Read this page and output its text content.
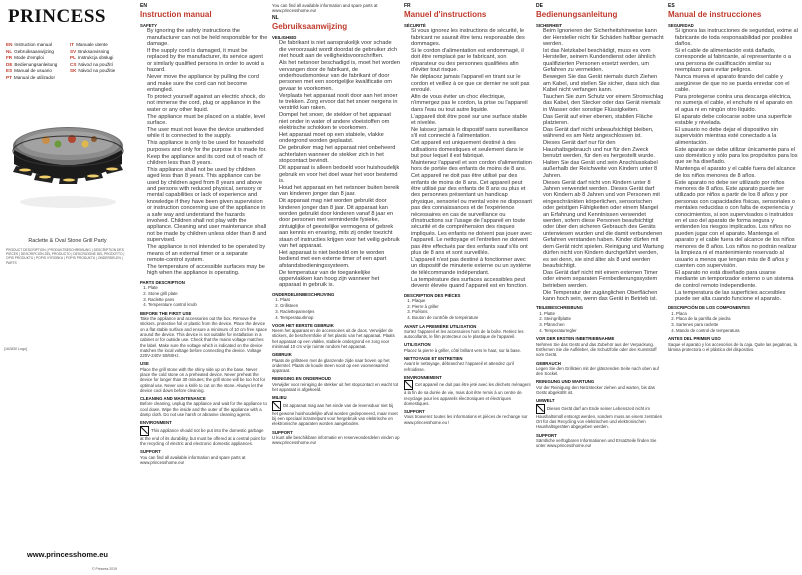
PRINCESS
EN Instruction manual	IT Manuale utente
NL Gebruiksaanwijzing	SV Bruksanvisning
FR Mode d'emploi	PL Instrukcja obsługi
DE Bedienungsanleitung	CS Návod na použití
ES Manual de usuario	SK Návod na použitie
PT Manual de utilizador
Raclette & Oval Stone Grill Party
PRODUCT DESCRIPTION | PRODUKTBESCHREIBUNG | DESCRIPTION DES PIÈCES | DESCRIPCIÓN DEL PRODUCTO | DESCRIZIONE DEL PRODOTTO | OPIS PRODUKTU | POPIS VÝROBKU | POPIS PRODUKTU | ONDERDELEN | PARTS
[162830 Logo]
www.princesshome.eu
© Princess 2019
EN
Instruction manual
SAFETY
• By ignoring the safety instructions the manufacturer can not be held responsible for the damage.
• If the supply cord is damaged, it must be replaced by the manufacturer, its service agent or similarly qualified persons in order to avoid a hazard.
• Never move the appliance by pulling the cord and make sure the cord can not become entangled.
• To protect yourself against an electric shock, do not immerse the cord, plug or appliance in the water or any other liquid.
• The appliance must be placed on a stable, level surface.
• The user must not leave the device unattended while it is connected to the supply.
• This appliance is only to be used for household purposes and only for the purpose it is made for.
• Keep the appliance and its cord out of reach of children less than 8 years.
• This appliance shall not be used by children aged less than 8 years. This appliance can be used by children aged from 8 years and above and persons with reduced physical, sensory or mental capabilities or lack of experience and knowledge if they have been given supervision or instruction concerning use of the appliance in a safe way and understand the hazards involved. Children shall not play with the appliance. Cleaning and user maintenance shall not be made by children unless older than 8 and supervised.
• The appliance is not intended to be operated by means of an external timer or a separate remote-control system.
• The temperature of accessible surfaces may be high when the appliance is operating.
PARTS DESCRIPTION
1. Plate
2. Stone grill plate
3. Raclette pans
4. Temperature control knob
BEFORE THE FIRST USE

Take the appliance and accessories out the box. Remove the stickers, protective foil or plastic from the device. Place the device on a flat stable surface and ensure a minimum of 10 cm free space around the device. This device is not suitable for installation in a cabinet or for outside use. Check that the mains voltage matches the label. Make sure the voltage which is indicated on the device matches the local voltage before connecting the device. Voltage 220V-240V 50/60Hz.

USE

Place the grill stone with the shiny side up on the base. Never place the cold stone on a preheated device. Never preheat the device for longer than 30 minutes; the grill stone will be too hot for optimal use. Never use a knife to cut on the stone. Always let the device cool down before cleaning.

CLEANING AND MAINTENANCE

Before cleaning, unplug the appliance and wait for the appliance to cool down. Wipe the inside and the outer of the appliance with a damp cloth. Do not use harsh or abrasive cleaning agents.

ENVIRONMENT

This appliance should not be put into the domestic garbage at the end of its durability, but must be offered at a central point for the recycling of electric and electronic domestic appliances.

SUPPORT

You can find all available information and spare parts at www.princesshome.eu!

You can find all available information and spare parts at www.princesshome.eu!

NL
Gebruiksaanwijzing
VEILIGHEID
• De fabrikant is niet aansprakelijk voor schade die veroorzaakt wordt doordat de gebruiker zich niet houdt aan de veiligheidsvoorschriften.
• Als het netsnoer beschadigd is, moet het worden vervangen door de fabrikant, de onderhoudsmonteur van de fabrikant of door personen met een soortgelijke kwalificatie om gevaar te voorkomen.
• Verplaats het apparaat nooit door aan het snoer te trekken. Zorg ervoor dat het snoer nergens in verstrikt kan raken.
• Dompel het snoer, de stekker of het apparaat niet onder in water of andere vloeistoffen om elektrische schokken te voorkomen.
• Het apparaat moet op een stabiele, vlakke ondergrond worden geplaatst.
• De gebruiker mag het apparaat niet onbeheerd achterlaten wanneer de stekker zich in het stopcontact bevindt.
• Dit apparaat is alleen bedoeld voor huishoudelijk gebruik en voor het doel waar het voor bestemd is.
• Houd het apparaat en het netsnoer buiten bereik van kinderen jonger dan 8 jaar.
• Dit apparaat mag niet worden gebruikt door kinderen jonger dan 8 jaar. Dit apparaat kan worden gebruikt door kinderen vanaf 8 jaar en door personen met verminderde fysieke, zintuiglijke of geestelijke vermogens of gebrek aan kennis en ervaring, mits zij onder toezicht staan of instructies krijgen voor het veilig gebruik van het apparaat.
• Het apparaat is niet bedoeld om te worden bediend met een externe timer of een apart afstandsbedieningssysteem.
• De temperatuur van de toegankelijke oppervlakken kan hoog zijn wanneer het apparaat in gebruik is.
ONDERDELENBESCHRIJVING
1. Plaat
2. Grillsteen
3. Raclettepannetjes
4. Temperatuurknop
VOOR HET EERSTE GEBRUIK

Neem het apparaat en de accessoires uit de doos. Verwijder de stickers, de beschermfolie of het plastic van het apparaat. Plaats het apparaat op een vlakke, stabiele ondergrond en zorg voor minimaal 10 cm vrije ruimte rondom het apparaat.

GEBRUIK

Plaats de grillsteen met de glanzende zijde naar boven op het onderstel. Plaats de koude steen nooit op een voorverwarmd apparaat.

REINIGING EN ONDERHOUD

Verwijder voor reiniging de stekker uit het stopcontact en wacht tot het apparaat is afgekoeld.

MILIEU

Dit apparaat mag aan het einde van de levensduur niet bij het gewone huishoudelijke afval worden gedeponeerd, maar moet bij een speciaal inzamelpunt voor hergebruik van elektrische en elektronische apparaten worden aangeboden.

SUPPORT

U kunt alle beschikbare informatie en reserveonderdelen vinden op www.princesshome.eu!

FR
Manuel d'instructions
SÉCURITÉ
• Si vous ignorez les instructions de sécurité, le fabricant ne saurait être tenu responsable des dommages.
• Si le cordon d'alimentation est endommagé, il doit être remplacé par le fabricant, son réparateur ou des personnes qualifiées afin d'éviter tout risque.
• Ne déplacez jamais l'appareil en tirant sur le cordon et veillez à ce que ce dernier ne soit pas enroulé.
• Afin de vous éviter un choc électrique, n'immergez pas le cordon, la prise ou l'appareil dans l'eau ou tout autre liquide.
• L'appareil doit être posé sur une surface stable et nivelée.
• Ne laissez jamais le dispositif sans surveillance s'il est connecté à l'alimentation.
• Cet appareil est uniquement destiné à des utilisations domestiques et seulement dans le but pour lequel il est fabriqué.
• Maintenez l'appareil et son cordon d'alimentation hors de portée des enfants de moins de 8 ans.
• Cet appareil ne doit pas être utilisé par des enfants de moins de 8 ans. Cet appareil peut être utilisé par des enfants de 8 ans ou plus et des personnes présentant un handicap physique, sensoriel ou mental voire ne disposant pas des connaissances et de l'expérience nécessaires en cas de surveillance ou d'instructions sur l'usage de l'appareil en toute sécurité et de compréhension des risques impliqués. Les enfants ne doivent pas jouer avec l'appareil. Le nettoyage et l'entretien ne doivent pas être effectués par des enfants sauf s'ils ont plus de 8 ans et sont surveillés.
• L'appareil n'est pas destiné à fonctionner avec un dispositif de minuterie externe ou un système de télécommande indépendant.
• La température des surfaces accessibles peut devenir élevée quand l'appareil est en fonction.
DESCRIPTION DES PIÈCES
1. Plaque
2. Pierre à griller
3. Poêlons
4. Bouton de contrôle de température
AVANT LA PREMIÈRE UTILISATION

Sortez l'appareil et les accessoires hors de la boîte. Retirez les autocollants, le film protecteur ou le plastique de l'appareil.

UTILISATION

Placez la pierre à griller, côté brillant vers le haut, sur la base.

NETTOYAGE ET ENTRETIEN

Avant le nettoyage, débranchez l'appareil et attendez qu'il refroidisse.

ENVIRONNEMENT

Cet appareil ne doit pas être jeté avec les déchets ménagers à la fin de sa durée de vie, mais doit être remis à un centre de recyclage pour les appareils électroniques et électriques domestiques.

SUPPORT

Vous trouverez toutes les informations et pièces de rechange sur www.princesshome.eu !

DE
Bedienungsanleitung
SICHERHEIT
• Beim Ignorieren der Sicherheitshinweise kann der Hersteller nicht für Schäden haftbar gemacht werden.
• Ist das Netzkabel beschädigt, muss es vom Hersteller, seinem Kundendienst oder ähnlich qualifizierten Personen ersetzt werden, um Gefahren zu vermeiden.
• Bewegen Sie das Gerät niemals durch Ziehen am Kabel, und stellen Sie sicher, dass sich das Kabel nicht verfangen kann.
• Tauchen Sie zum Schutz vor einem Stromschlag das Kabel, den Stecker oder das Gerät niemals in Wasser oder sonstige Flüssigkeiten.
• Das Gerät auf einer ebenen, stabilen Fläche platzieren.
• Das Gerät darf nicht unbeaufsichtigt bleiben, während es am Netz angeschlossen ist.
• Dieses Gerät darf nur für den Haushaltsgebrauch und nur für den Zweck benutzt werden, für den es hergestellt wurde.
• Halten Sie das Gerät und sein Anschlusskabel außerhalb der Reichweite von Kindern unter 8 Jahren.
• Dieses Gerät darf nicht von Kindern unter 8 Jahren verwendet werden. Dieses Gerät darf von Kindern ab 8 Jahren und von Personen mit eingeschränkten körperlichen, sensorischen oder geistigen Fähigkeiten oder einem Mangel an Erfahrung und Kenntnissen verwendet werden, sofern diese Personen beaufsichtigt oder über den sicheren Gebrauch des Geräts unterwiesen wurden und die damit verbundenen Gefahren verstanden haben. Kinder dürfen mit dem Gerät nicht spielen. Reinigung und Wartung dürfen nicht von Kindern durchgeführt werden, es sei denn, sie sind älter als 8 und werden beaufsichtigt.
• Das Gerät darf nicht mit einem externen Timer oder einem separaten Fernbedienungssystem betrieben werden.
• Die Temperatur der zugänglichen Oberflächen kann hoch sein, wenn das Gerät in Betrieb ist.
TEILEBESCHREIBUNG
1. Platte
2. Steingrillplatte
3. Pfännchen
4. Temperaturregler
VOR DER ERSTEN INBETRIEBNAHME

Nehmen Sie das Gerät und das Zubehör aus der Verpackung. Entfernen Sie die Aufkleber, die Schutzfolie oder den Kunststoff vom Gerät.

GEBRAUCH

Legen Sie den Grillstein mit der glänzenden Seite nach oben auf den Sockel.

REINIGUNG UND WARTUNG

Vor der Reinigung den Netzstecker ziehen und warten, bis das Gerät abgekühlt ist.

UMWELT

Dieses Gerät darf am Ende seiner Lebenszeit nicht im Haushaltsmüll entsorgt werden, sondern muss an einem zentralen Ort für das Recycling von elektrischen und elektronischen Haushaltsgeräten abgegeben werden.

SUPPORT

Sämtliche verfügbaren Informationen und Ersatzteile finden Sie unter www.princesshome.eu!

ES
Manual de instrucciones
SEGURIDAD
• Si ignora las instrucciones de seguridad, exime al fabricante de toda responsabilidad por posibles daños.
• Si el cable de alimentación está dañado, corresponde al fabricante, al representante o a una persona de cualificación similar su reemplazo para evitar peligros.
• Nunca mueva el aparato tirando del cable y asegúrese de que no se pueda enredar con el cable.
• Para protegerse contra una descarga eléctrica, no sumerja el cable, el enchufe ni el aparato en el agua ni en ningún otro líquido.
• El aparato debe colocarse sobre una superficie estable y nivelada.
• El usuario no debe dejar el dispositivo sin supervisión mientras esté conectado a la alimentación.
• Este aparato se debe utilizar únicamente para el uso doméstico y sólo para los propósitos para los que se ha diseñado.
• Mantenga el aparato y el cable fuera del alcance de los niños menores de 8 años.
• Este aparato no debe ser utilizado por niños menores de 8 años. Este aparato puede ser utilizado por niños a partir de los 8 años y por personas con capacidades físicas, sensoriales o mentales reducidas o con falta de experiencia y conocimientos, si son supervisados o instruidos en el uso del aparato de forma segura y entienden los riesgos implicados. Los niños no pueden jugar con el aparato. Mantenga el aparato y el cable fuera del alcance de los niños menores de 8 años. Los niños no podrán realizar la limpieza ni el mantenimiento reservado al usuario a menos que tengan más de 8 años y cuenten con supervisión.
• El aparato no está diseñado para usarse mediante un temporizador externo o un sistema de control remoto independiente.
• La temperatura de las superficies accesibles puede ser alta cuando funcione el aparato.
DESCRIPCIÓN DE LOS COMPONENTES
1. Placa
2. Placa de la parrilla de piedra
3. Sartenes para raclette
4. Mando de control de temperatura
ANTES DEL PRIMER USO

Saque el aparato y los accesorios de la caja. Quite las pegatinas, la lámina protectora o el plástico del dispositivo.
